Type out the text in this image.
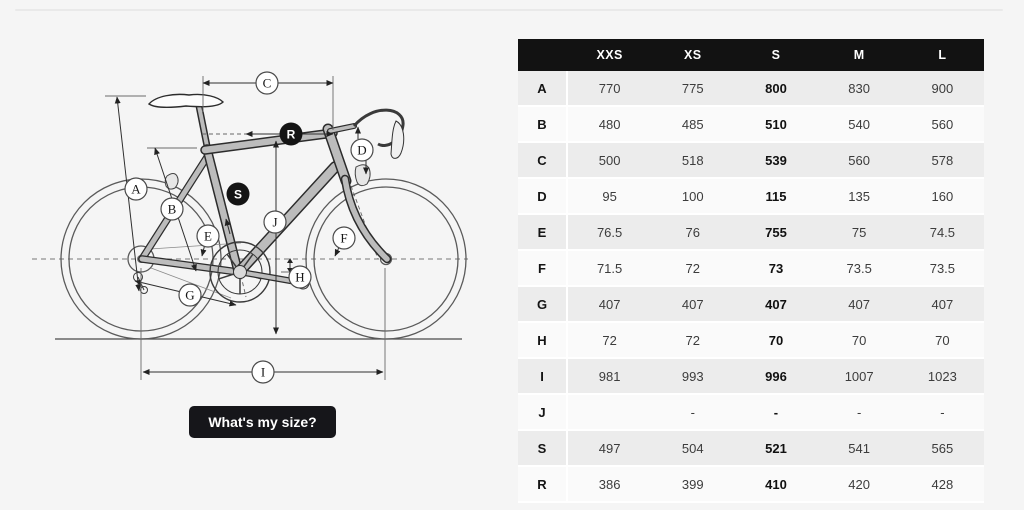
A
B
C
D
E	F
G
H
I
J
S
R
What's my size?
	XXS	XS	S	M	L
A	770	775	800	830	900
B	480	485	510	540	560
C	500	518	539	560	578
D	95	100	115	135	160
E	76.5	76	755	75	74.5
F	71.5	72	73	73.5	73.5
G	407	407	407	407	407
H	72	72	70	70	70
I	981	993	996	1007	1023
J		-	-	-	-
S	497	504	521	541	565
R	386	399	410	420	428
